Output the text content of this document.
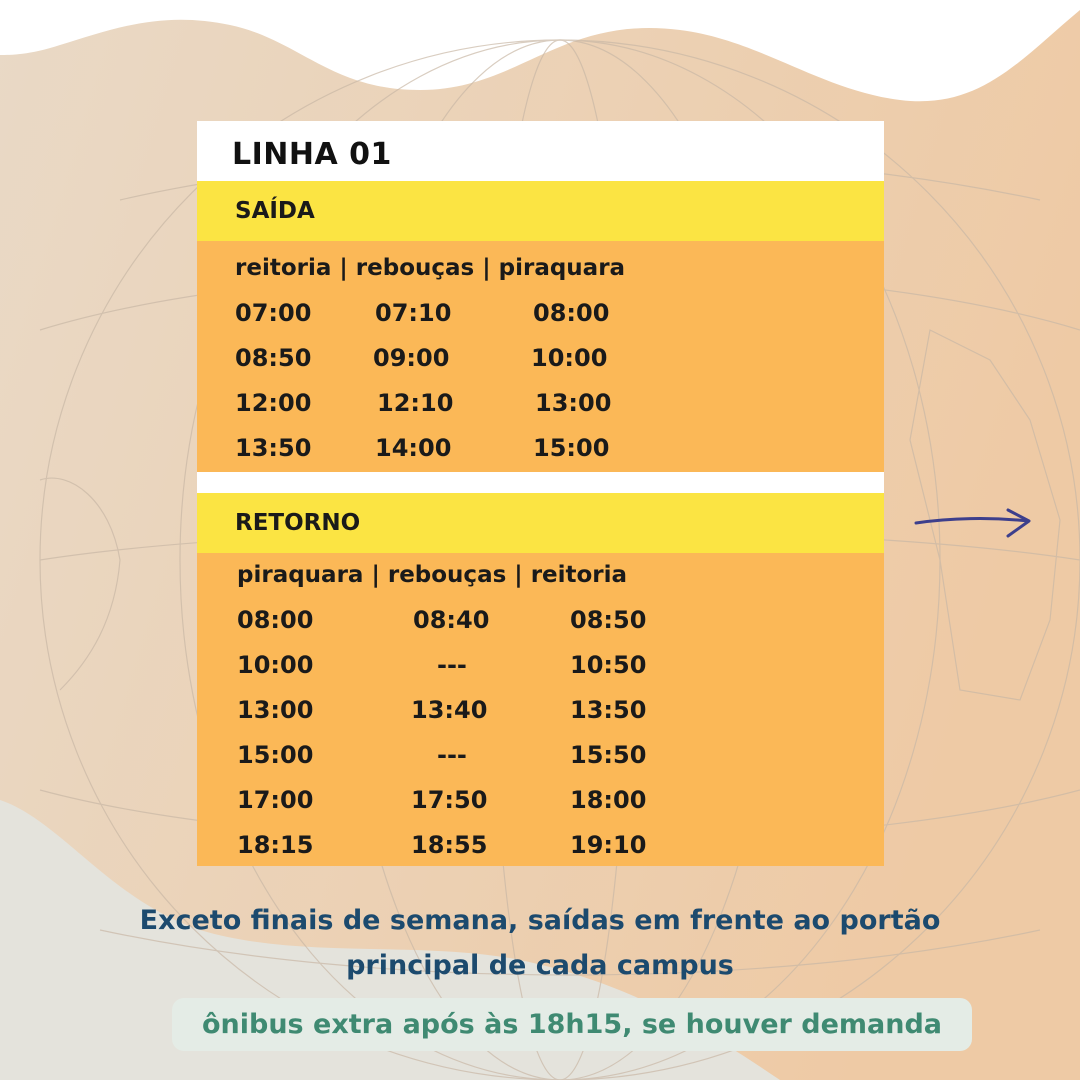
LINHA 01
SAÍDA
reitoria | rebouças | piraquara
07:00	07:10	08:00
08:50	09:00	10:00
12:00	12:10	13:00
13:50	14:00	15:00
RETORNO
piraquara | rebouças | reitoria
08:00	08:40	08:50
10:00	---	10:50
13:00	13:40	13:50
15:00	---	15:50
17:00	17:50	18:00
18:15	18:55	19:10
Exceto finais de semana, saídas em frente ao portão
principal de cada campus
ônibus extra após às 18h15, se houver demanda
